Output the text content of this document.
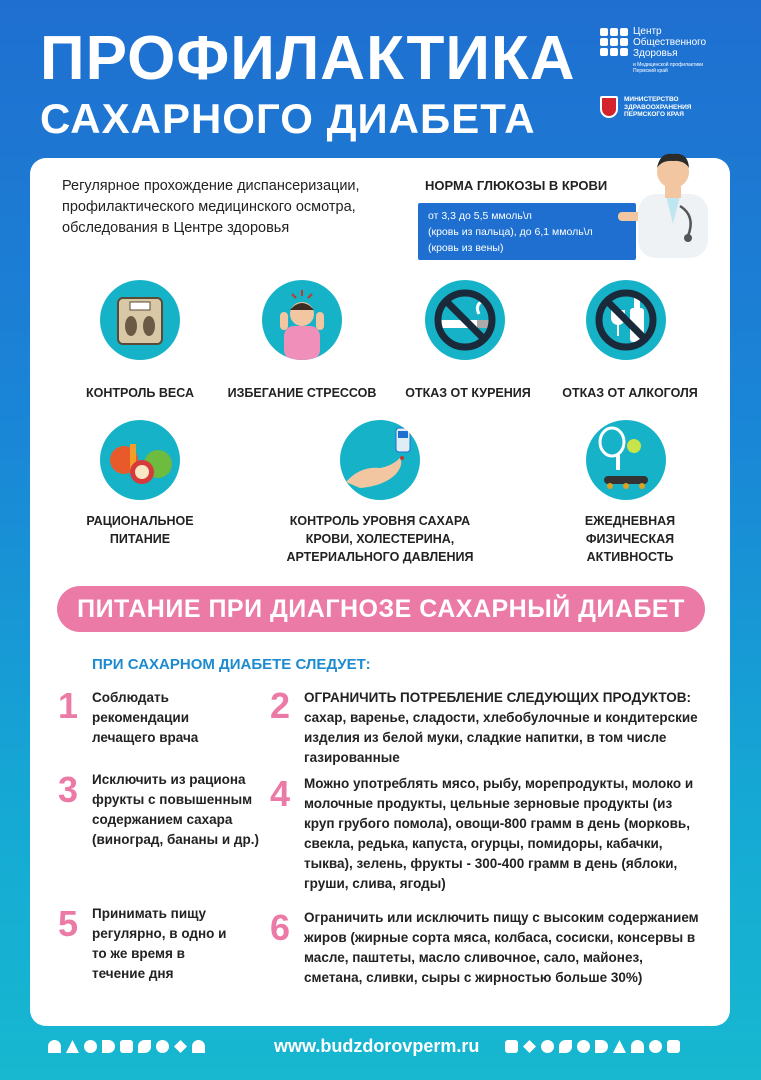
ПРОФИЛАКТИКА
САХАРНОГО ДИАБЕТА
Центр Общественного Здоровья
и Медицинской профилактики Пермский край
МИНИСТЕРСТВО ЗДРАВООХРАНЕНИЯ ПЕРМСКОГО КРАЯ
Регулярное прохождение диспансеризации, профилактического медицинского осмотра, обследования в Центре здоровья
НОРМА ГЛЮКОЗЫ В КРОВИ
от 3,3 до 5,5 ммоль\л
(кровь из пальца), до 6,1 ммоль\л
(кровь из вены)
КОНТРОЛЬ ВЕСА	ИЗБЕГАНИЕ СТРЕССОВ	ОТКАЗ ОТ КУРЕНИЯ	ОТКАЗ ОТ АЛКОГОЛЯ
РАЦИОНАЛЬНОЕ ПИТАНИЕ
КОНТРОЛЬ УРОВНЯ САХАРА КРОВИ, ХОЛЕСТЕРИНА, АРТЕРИАЛЬНОГО ДАВЛЕНИЯ
ЕЖЕДНЕВНАЯ ФИЗИЧЕСКАЯ АКТИВНОСТЬ
ПИТАНИЕ ПРИ ДИАГНОЗЕ САХАРНЫЙ ДИАБЕТ
ПРИ САХАРНОМ ДИАБЕТЕ СЛЕДУЕТ:
1 Соблюдать рекомендации лечащего врача
3 Исключить из рациона фрукты с повышенным содержанием сахара (виноград, бананы и др.)
5 Принимать пищу регулярно, в одно и то же время в течение дня
2 ОГРАНИЧИТЬ ПОТРЕБЛЕНИЕ СЛЕДУЮЩИХ ПРОДУКТОВ:
сахар, варенье, сладости, хлебобулочные и кондитерские изделия из белой муки, сладкие напитки, в том числе газированные
4 Можно употреблять мясо, рыбу, морепродукты, молоко и молочные продукты, цельные зерновые продукты (из круп грубого помола), овощи-800 грамм в день (морковь, свекла, редька, капуста, огурцы, помидоры, кабачки, тыква), зелень, фрукты - 300-400 грамм в день (яблоки, груши, слива, ягоды)
6 Ограничить или исключить пищу с высоким содержанием жиров (жирные сорта мяса, колбаса, сосиски, консервы в масле, паштеты, масло сливочное, сало, майонез, сметана, сливки, сыры с жирностью больше 30%)
www.budzdorovperm.ru
